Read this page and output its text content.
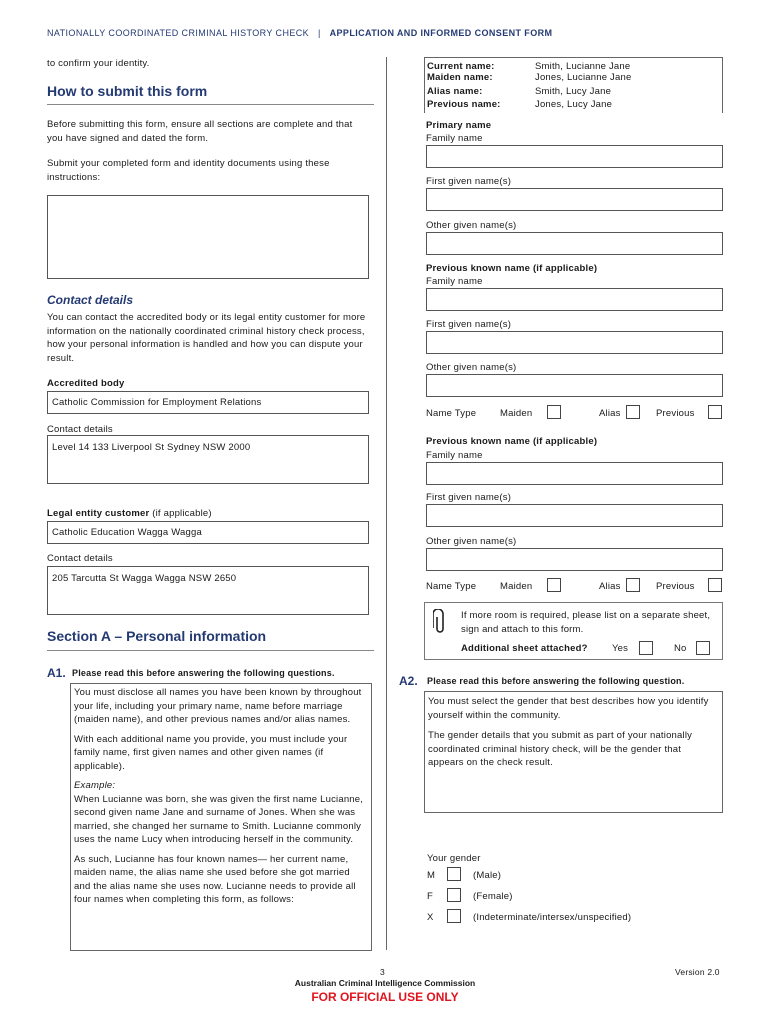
NATIONALLY COORDINATED CRIMINAL HISTORY CHECK | APPLICATION AND INFORMED CONSENT FORM
to confirm your identity.
How to submit this form
Before submitting this form, ensure all sections are complete and that you have signed and dated the form.
Submit your completed form and identity documents using these instructions:
Contact details
You can contact the accredited body or its legal entity customer for more information on the nationally coordinated criminal history check process, how your personal information is handled and how you can dispute your result.
Accredited body
Catholic Commission for Employment Relations
Contact details
Level 14 133 Liverpool St Sydney NSW 2000
Legal entity customer (if applicable)
Catholic Education Wagga Wagga
Contact details
205 Tarcutta St Wagga Wagga NSW 2650
Section A – Personal information
A1. Please read this before answering the following questions.
You must disclose all names you have been known by throughout your life, including your primary name, name before marriage (maiden name), and other previous names and/or alias names.
With each additional name you provide, you must include your family name, first given names and other given names (if applicable).
Example:
When Lucianne was born, she was given the first name Lucianne, second given name Jane and surname of Jones. When she was married, she changed her surname to Smith. Lucianne commonly uses the name Lucy when introducing herself in the community.
As such, Lucianne has four known names— her current name, maiden name, the alias name she used before she got married and the alias name she uses now. Lucianne needs to provide all four names when completing this form, as follows:
Current name:	Smith, Lucianne Jane
Maiden name:	Jones, Lucianne Jane
Alias name:	Smith, Lucy Jane
Previous name:	Jones, Lucy Jane
Primary name
Family name
First given name(s)
Other given name(s)
Previous known name (if applicable)
Family name
First given name(s)
Other given name(s)
Name Type	Maiden	Alias	Previous
Previous known name (if applicable)
Family name
First given name(s)
Other given name(s)
Name Type	Maiden	Alias	Previous
If more room is required, please list on a separate sheet, sign and attach to this form.
Additional sheet attached?	Yes	No
A2. Please read this before answering the following question.
You must select the gender that best describes how you identify yourself within the community.
The gender details that you submit as part of your nationally coordinated criminal history check, will be the gender that appears on the check result.
Your gender
M	(Male)
F	(Female)
X	(Indeterminate/intersex/unspecified)
3	Version 2.0
Australian Criminal Intelligence Commission
FOR OFFICIAL USE ONLY
